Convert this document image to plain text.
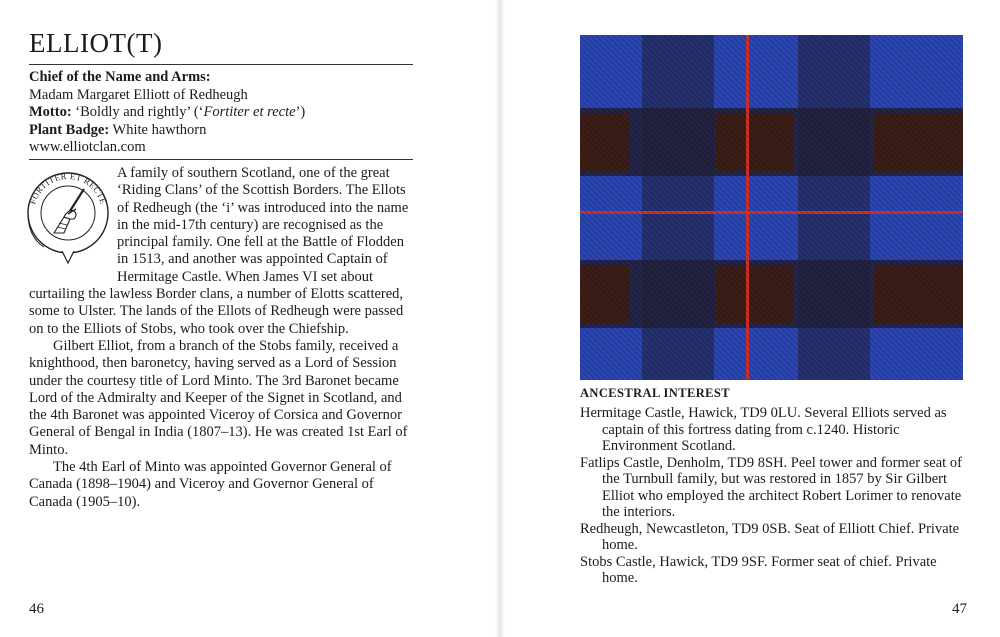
ELLIOT(T)
Chief of the Name and Arms:
Madam Margaret Elliott of Redheugh
Motto: ‘Boldly and rightly’ (‘Fortiter et recte’)
Plant Badge: White hawthorn
www.elliotclan.com
FORTITER ET RECTE

A family of southern Scotland, one of the great ‘Riding Clans’ of the Scottish Borders. The Ellots of Redheugh (the ‘i’ was introduced into the name in the mid-17th century) are recognised as the principal family. One fell at the Battle of Flodden in 1513, and another was appointed Captain of Hermitage Castle. When James VI set about curtailing the lawless Border clans, a number of Elotts scattered, some to Ulster. The lands of the Ellots of Redheugh were passed on to the Elliots of Stobs, who took over the Chiefship.

Gilbert Elliot, from a branch of the Stobs family, received a knighthood, then baronetcy, having served as a Lord of Session under the courtesy title of Lord Minto. The 3rd Baronet became Lord of the Admiralty and Keeper of the Signet in Scotland, and the 4th Baronet was appointed Viceroy of Corsica and Governor General of Bengal in India (1807–13). He was created 1st Earl of Minto.

The 4th Earl of Minto was appointed Governor General of Canada (1898–1904) and Viceroy and Governor General of Canada (1905–10).

46
ANCESTRAL INTEREST
Hermitage Castle, Hawick, TD9 0LU. Several Elliots served as captain of this fortress dating from c.1240. Historic Environment Scotland.
Fatlips Castle, Denholm, TD9 8SH. Peel tower and former seat of the Turnbull family, but was restored in 1857 by Sir Gilbert Elliot who employed the architect Robert Lorimer to renovate the interiors.
Redheugh, Newcastleton, TD9 0SB. Seat of Elliott Chief. Private home.
Stobs Castle, Hawick, TD9 9SF. Former seat of chief. Private home.
47
